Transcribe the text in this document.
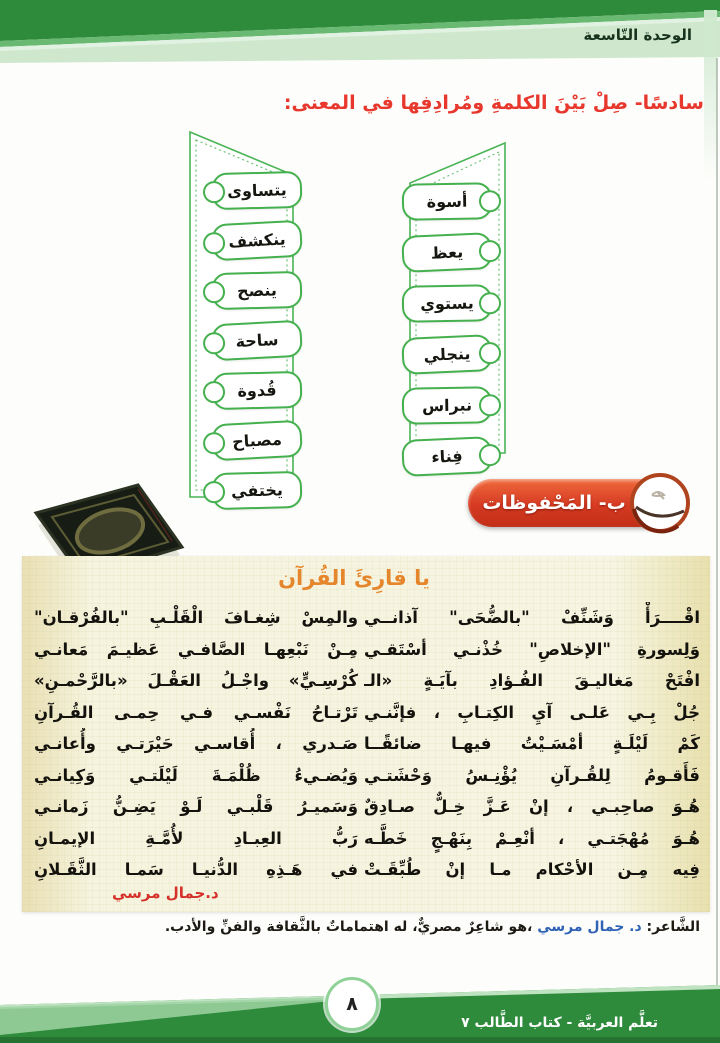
الوحدة التّاسعة
سادسًا- صِلْ بَيْنَ الكلمةِ ومُرادِفِها في المعنى:
يتساوى
ينكشف
ينصح
ساحة
قُدوة
مصباح
يختفي
أسوة
يعظ
يستوي
ينجلي
نبراس
فِناء
ب- المَحْفوظات
يا قارِئَ القُرآن
اقْــــرَأْ وَشَنِّفْ "بالضُّحَى" آذانــي
وَلِسورةِ "الإخلاصِ" خُذْنـي أسْتَقـي
افْتَحْ مَغاليـقَ الفُـؤادِ بآيَـةٍ «الـ
جُلْ بِـي عَلـى آيِ الكِتـابِ ، فإنَّنـي
كَمْ لَيْلَـةٍ أمْسَـيْتُ فيهـا ضائقًــا
فَأَقـومُ لِلقُـرآنِ يُؤْنِـسُ وَحْشَتـي
هُـوَ صاحِبـي ، إنْ عَـزَّ خِـلٌّ صـادِقٌ
هُـوَ مُهْجَتـي ، أنْعِـمْ بِنَهْـجٍ خَطَّـه
فِيه مِـن الأحْكام مـا إنْ طُبِّقَـتْ
والمِسْ شِغـافَ الْقَلْـبِ "بالفُرْقـان"
مِـنْ نَبْعِهـا الصَّافـي عَظيـمَ مَعانـي
كُرْسِـيٍّ» واجْـلُ العَقْـلَ «بالرَّحْمـنِ»
تَرْتـاحُ نَفْسـي فـي حِمـى القُـرآنِ
صَـدري ، أُقاسـي حَيْرَتـي وأُعانـي
وَيُضـيءُ ظُلْمَـةَ لَيْلَتـي وَكِيانـي
وَسَميـرُ قَلْبـي لَـوْ يَضِـنُّ زَمانـي
رَبُّ العِبـادِ لأُمَّـةِ الإيمـانِ
في هَـذِهِ الدُّنيـا سَمـا الثَّقَـلانِ
د.جمال مرسي
الشَّاعر: د. جمال مرسي ،هو شاعِرٌ مصريٌّ، له اهتماماتٌ بالثَّقافة والفنِّ والأدب.
٨
تعلَّم العربيَّة - كتاب الطَّالب ٧
